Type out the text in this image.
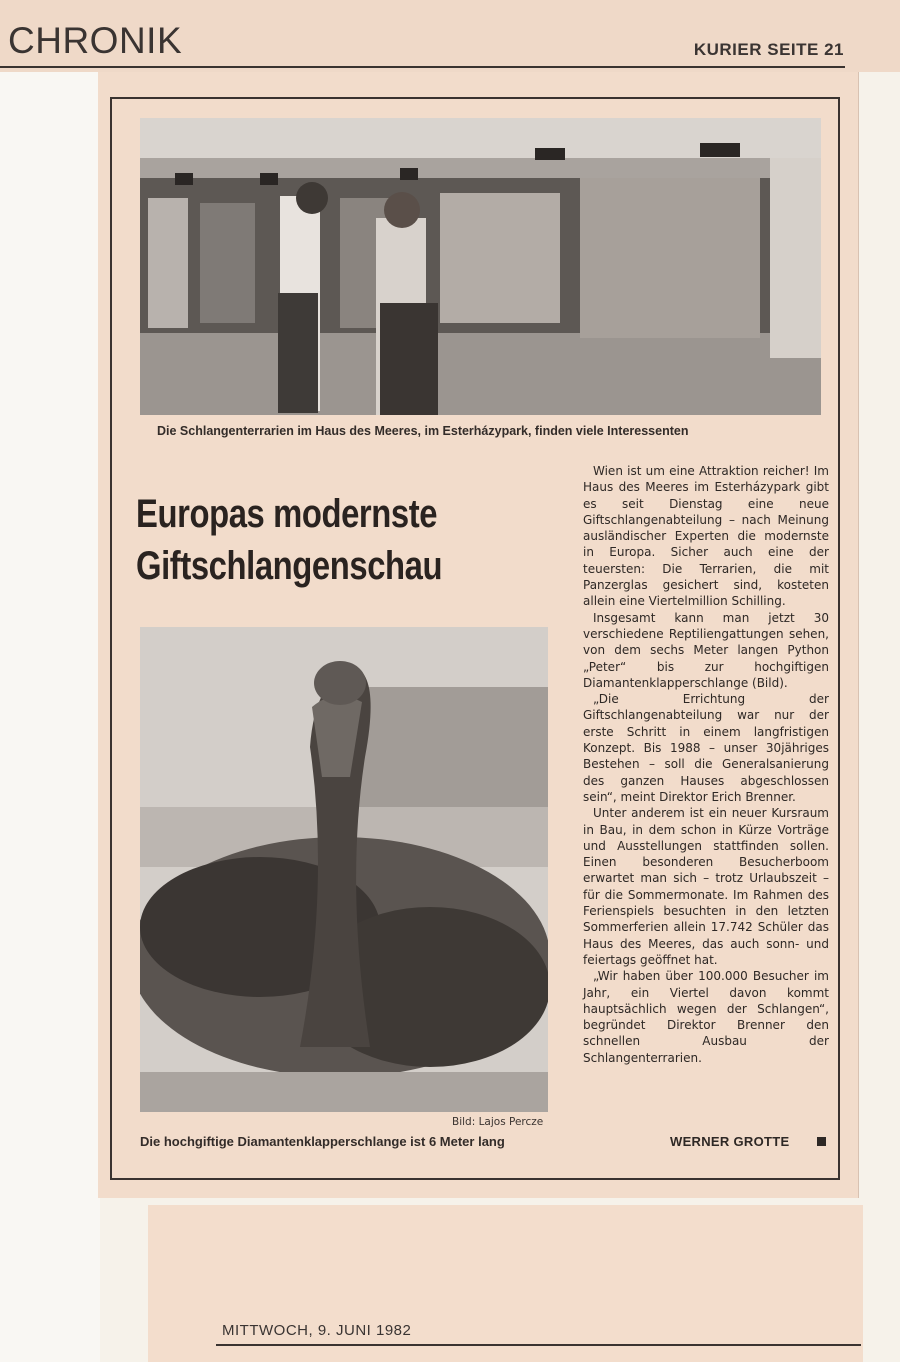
CHRONIK	KURIER SEITE 21
Die Schlangenterrarien im Haus des Meeres, im Esterházypark, finden viele Interessenten
Europas modernste
Giftschlangenschau

Wien ist um eine Attraktion reicher! Im Haus des Meeres im Esterházypark gibt es seit Dienstag eine neue Giftschlangenabteilung – nach Meinung ausländischer Experten die modernste in Europa. Sicher auch eine der teuersten: Die Terrarien, die mit Panzerglas gesichert sind, kosteten allein eine Viertelmillion Schilling.

Insgesamt kann man jetzt 30 verschiedene Reptiliengattungen sehen, von dem sechs Meter langen Python „Peter“ bis zur hochgiftigen Diamantenklapperschlange (Bild).

„Die Errichtung der Giftschlangenabteilung war nur der erste Schritt in einem langfristigen Konzept. Bis 1988 – unser 30jähriges Bestehen – soll die Generalsanierung des ganzen Hauses abgeschlossen sein“, meint Direktor Erich Brenner.

Unter anderem ist ein neuer Kursraum in Bau, in dem schon in Kürze Vorträge und Ausstellungen stattfinden sollen. Einen besonderen Besucherboom erwartet man sich – trotz Urlaubszeit – für die Sommermonate. Im Rahmen des Ferienspiels besuchten in den letzten Sommerferien allein 17.742 Schüler das Haus des Meeres, das auch sonn- und feiertags geöffnet hat.

„Wir haben über 100.000 Besucher im Jahr, ein Viertel davon kommt hauptsächlich wegen der Schlangen“, begründet Direktor Brenner den schnellen Ausbau der Schlangenterrarien.

WERNER GROTTE
Bild: Lajos Percze
Die hochgiftige Diamantenklapperschlange ist 6 Meter lang
MITTWOCH, 9. JUNI 1982
